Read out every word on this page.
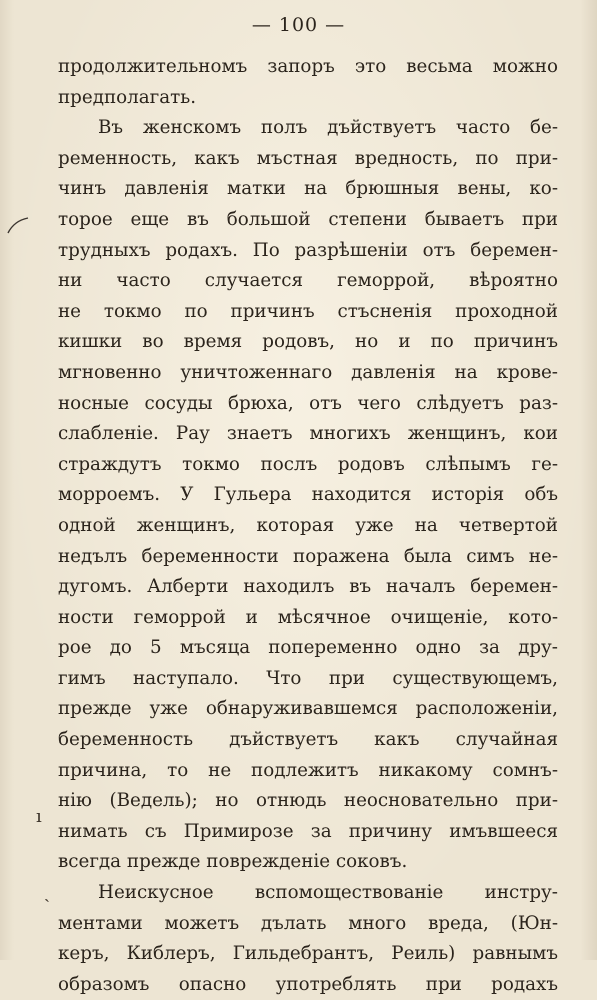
— 100 —
ı
ˏ
продолжительномъ запоръ это весьма можно
предполагать.
Въ женскомъ полъ дъйствуетъ часто бе-
ременность, какъ мъстная вредность, по при-
чинъ давленія матки на брюшныя вены, ко-
торое еще въ большой степени бываетъ при
трудныхъ родахъ. По разрѣшеніи отъ беремен-
ни часто случается геморрой, вѣроятно
не токмо по причинъ стъсненія проходной
кишки во время родовъ, но и по причинъ
мгновенно уничтоженнаго давленія на крове-
носные сосуды брюха, отъ чего слѣдуетъ раз-
слабленіе. Рау знаетъ многихъ женщинъ, кои
страждутъ токмо послъ родовъ слѣпымъ ге-
морроемъ. У Гульера находится исторія объ
одной женщинъ, которая уже на четвертой
недълъ беременности поражена была симъ не-
дугомъ. Алберти находилъ въ началъ беремен-
ности геморрой и мѣсячное очищеніе, кото-
рое до 5 мъсяца попеременно одно за дру-
гимъ наступало. Что при существующемъ,
прежде уже обнаруживавшемся расположеніи,
беременность дъйствуетъ какъ случайная
причина, то не подлежитъ никакому сомнъ-
нію (Ведель); но отнюдь неосновательно при-
нимать съ Примирозе за причину имъвшееся
всегда прежде поврежденіе соковъ.
Неискусное вспомоществованіе инстру-
ментами можетъ дълать много вреда, (Юн-
керъ, Киблеръ, Гильдебрантъ, Реиль) равнымъ
образомъ опасно употреблять при родахъ
